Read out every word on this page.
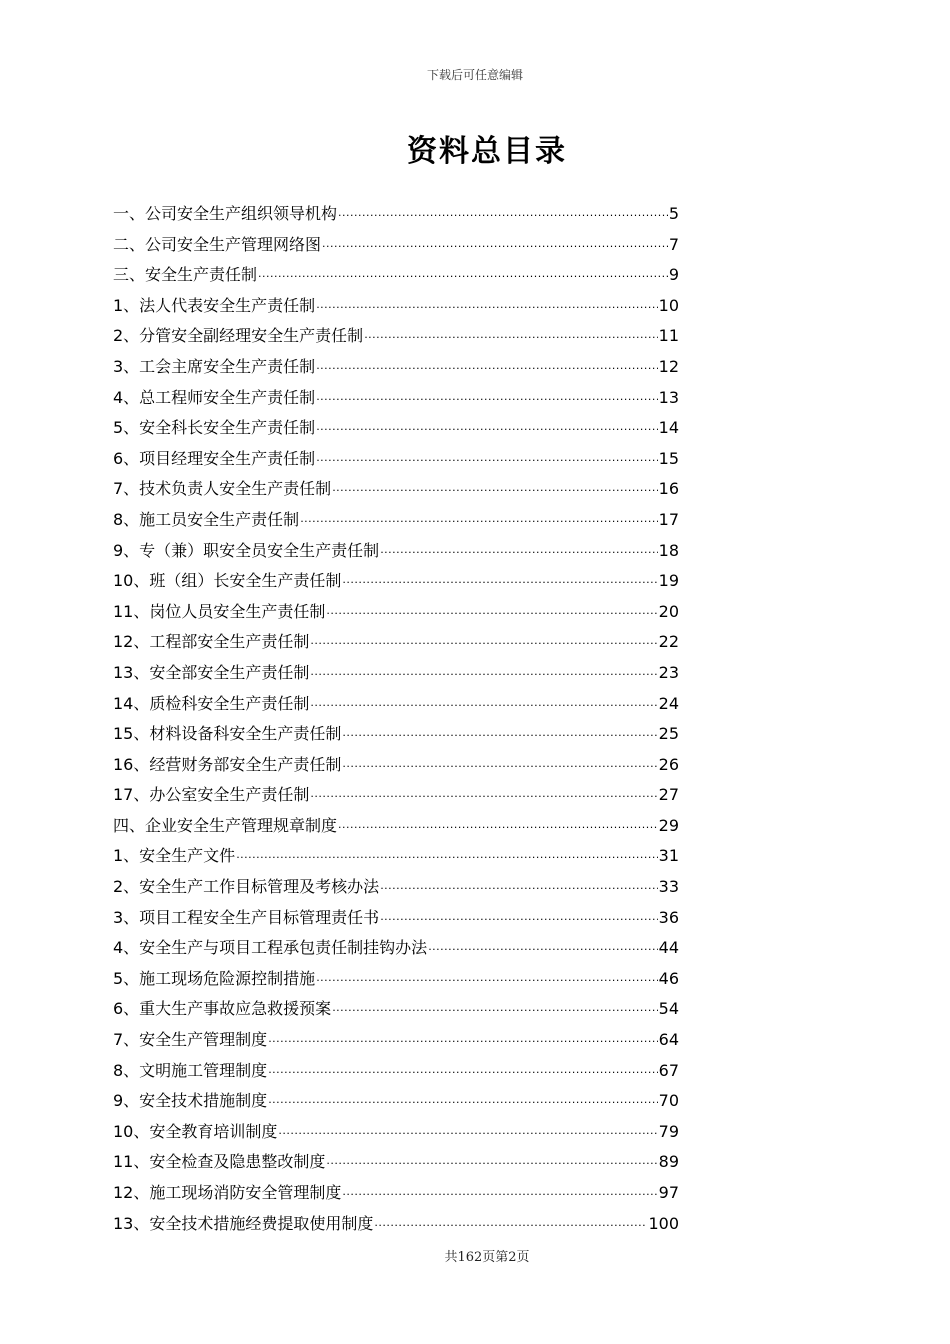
下载后可任意编辑
资料总目录
一、公司安全生产组织领导机构 ·····	5
二、公司安全生产管理网络图 ·····	7
三、安全生产责任制 ·····	9
1、法人代表安全生产责任制 ·····	10
2、分管安全副经理安全生产责任制 ·····	11
3、工会主席安全生产责任制 ·····	12
4、总工程师安全生产责任制 ·····	13
5、安全科长安全生产责任制 ·····	14
6、项目经理安全生产责任制 ·····	15
7、技术负责人安全生产责任制 ·····	16
8、施工员安全生产责任制 ·····	17
9、专（兼）职安全员安全生产责任制 ·····	18
10、班（组）长安全生产责任制 ·····	19
11、岗位人员安全生产责任制 ·····	20
12、工程部安全生产责任制 ·····	22
13、安全部安全生产责任制 ·····	23
14、质检科安全生产责任制 ·····	24
15、材料设备科安全生产责任制 ·····	25
16、经营财务部安全生产责任制 ·····	26
17、办公室安全生产责任制 ·····	27
四、企业安全生产管理规章制度 ·····	29
1、安全生产文件 ·····	31
2、安全生产工作目标管理及考核办法 ·····	33
3、项目工程安全生产目标管理责任书 ·····	36
4、安全生产与项目工程承包责任制挂钩办法 ·····	44
5、施工现场危险源控制措施 ·····	46
6、重大生产事故应急救援预案 ·····	54
7、安全生产管理制度 ·····	64
8、文明施工管理制度 ·····	67
9、安全技术措施制度 ·····	70
10、安全教育培训制度 ·····	79
11、安全检查及隐患整改制度 ·····	89
12、施工现场消防安全管理制度 ·····	97
13、安全技术措施经费提取使用制度 ·····	100
共162页第2页
